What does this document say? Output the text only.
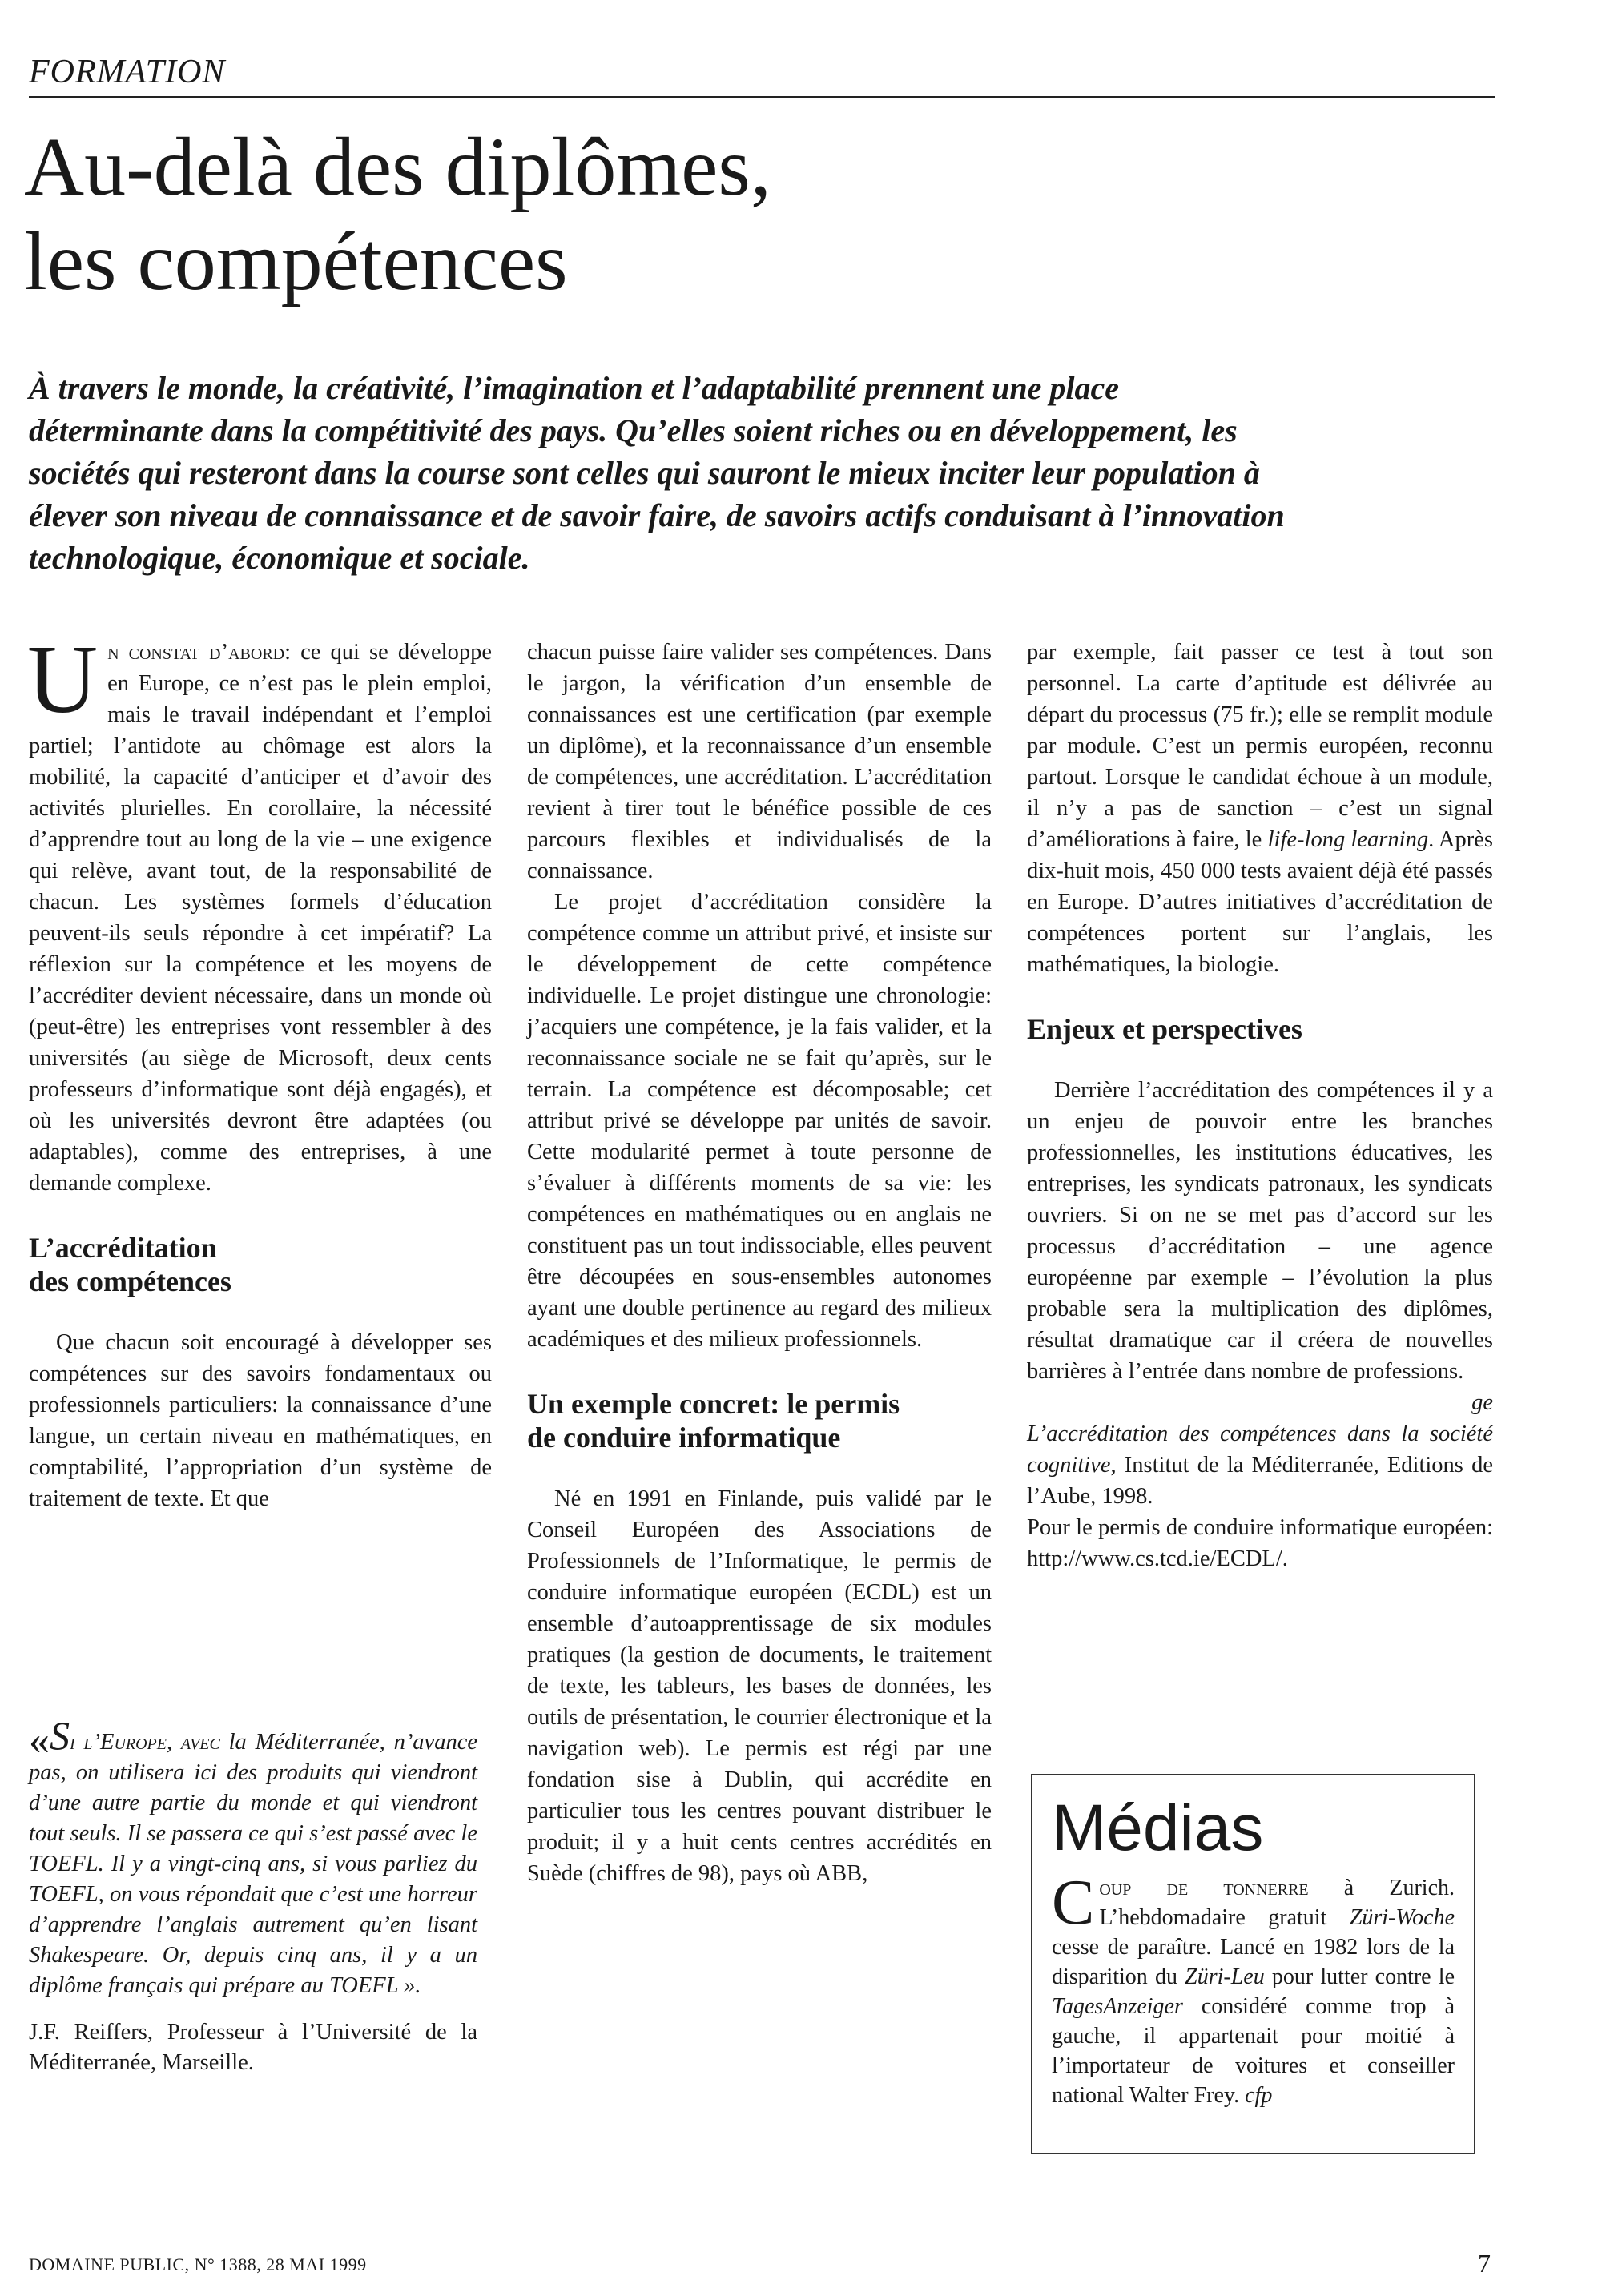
FORMATION
Au-delà des diplômes,
les compétences

À travers le monde, la créativité, l’imagination et l’adaptabilité prennent une place déterminante dans la compétitivité des pays. Qu’elles soient riches ou en développement, les sociétés qui resteront dans la course sont celles qui sauront le mieux inciter leur population à élever son niveau de connaissance et de savoir faire, de savoirs actifs conduisant à l’innovation technologique, économique et sociale.

Un constat d’abord: ce qui se développe en Europe, ce n’est pas le plein emploi, mais le travail indépendant et l’emploi partiel; l’antidote au chômage est alors la mobilité, la capacité d’anticiper et d’avoir des activités plurielles. En corollaire, la nécessité d’apprendre tout au long de la vie – une exigence qui relève, avant tout, de la responsabilité de chacun. Les systèmes formels d’éducation peuvent-ils seuls répondre à cet impératif? La réflexion sur la compétence et les moyens de l’accréditer devient nécessaire, dans un monde où (peut-être) les entreprises vont ressembler à des universités (au siège de Microsoft, deux cents professeurs d’informatique sont déjà engagés), et où les universités devront être adaptées (ou adaptables), comme des entreprises, à une demande complexe.

L’accréditation
des compétences

Que chacun soit encouragé à développer ses compétences sur des savoirs fondamentaux ou professionnels particuliers: la connaissance d’une langue, un certain niveau en mathématiques, en comptabilité, l’appropriation d’un système de traitement de texte. Et que

chacun puisse faire valider ses compétences. Dans le jargon, la vérification d’un ensemble de connaissances est une certification (par exemple un diplôme), et la reconnaissance d’un ensemble de compétences, une accréditation. L’accréditation revient à tirer tout le bénéfice possible de ces parcours flexibles et individualisés de la connaissance.

Le projet d’accréditation considère la compétence comme un attribut privé, et insiste sur le développement de cette compétence individuelle. Le projet distingue une chronologie: j’acquiers une compétence, je la fais valider, et la reconnaissance sociale ne se fait qu’après, sur le terrain. La compétence est décomposable; cet attribut privé se développe par unités de savoir. Cette modularité permet à toute personne de s’évaluer à différents moments de sa vie: les compétences en mathématiques ou en anglais ne constituent pas un tout indissociable, elles peuvent être découpées en sous-ensembles autonomes ayant une double pertinence au regard des milieux académiques et des milieux professionnels.

Un exemple concret: le permis
de conduire informatique

Né en 1991 en Finlande, puis validé par le Conseil Européen des Associations de Professionnels de l’Informatique, le permis de conduire informatique européen (ECDL) est un ensemble d’autoapprentissage de six modules pratiques (la gestion de documents, le traitement de texte, les tableurs, les bases de données, les outils de présentation, le courrier électronique et la navigation web). Le permis est régi par une fondation sise à Dublin, qui accrédite en particulier tous les centres pouvant distribuer le produit; il y a huit cents centres accrédités en Suède (chiffres de 98), pays où ABB,

par exemple, fait passer ce test à tout son personnel. La carte d’aptitude est délivrée au départ du processus (75 fr.); elle se remplit module par module. C’est un permis européen, reconnu partout. Lorsque le candidat échoue à un module, il n’y a pas de sanction – c’est un signal d’améliorations à faire, le life-long learning. Après dix-huit mois, 450 000 tests avaient déjà été passés en Europe. D’autres initiatives d’accréditation de compétences portent sur l’anglais, les mathématiques, la biologie.

Enjeux et perspectives

Derrière l’accréditation des compétences il y a un enjeu de pouvoir entre les branches professionnelles, les institutions éducatives, les entreprises, les syndicats patronaux, les syndicats ouvriers. Si on ne se met pas d’accord sur les processus d’accréditation – une agence européenne par exemple – l’évolution la plus probable sera la multiplication des diplômes, résultat dramatique car il créera de nouvelles barrières à l’entrée dans nombre de professions.
ge

L’accréditation des compétences dans la société cognitive, Institut de la Méditerranée, Editions de l’Aube, 1998.

Pour le permis de conduire informatique européen: http://www.cs.tcd.ie/ECDL/.

«Si l’Europe, avec la Méditerranée, n’avance pas, on utilisera ici des produits qui viendront d’une autre partie du monde et qui viendront tout seuls. Il se passera ce qui s’est passé avec le TOEFL. Il y a vingt-cinq ans, si vous parliez du TOEFL, on vous répondait que c’est une horreur d’apprendre l’anglais autrement qu’en lisant Shakespeare. Or, depuis cinq ans, il y a un diplôme français qui prépare au TOEFL ».

J.F. Reiffers, Professeur à l’Université de la Méditerranée, Marseille.

Médias

Coup de tonnerre à Zurich. L’hebdomadaire gratuit Züri-Woche cesse de paraître. Lancé en 1982 lors de la disparition du Züri-Leu pour lutter contre le TagesAnzeiger considéré comme trop à gauche, il appartenait pour moitié à l’importateur de voitures et conseiller national Walter Frey. cfp

DOMAINE PUBLIC, N° 1388, 28 MAI 1999	7
